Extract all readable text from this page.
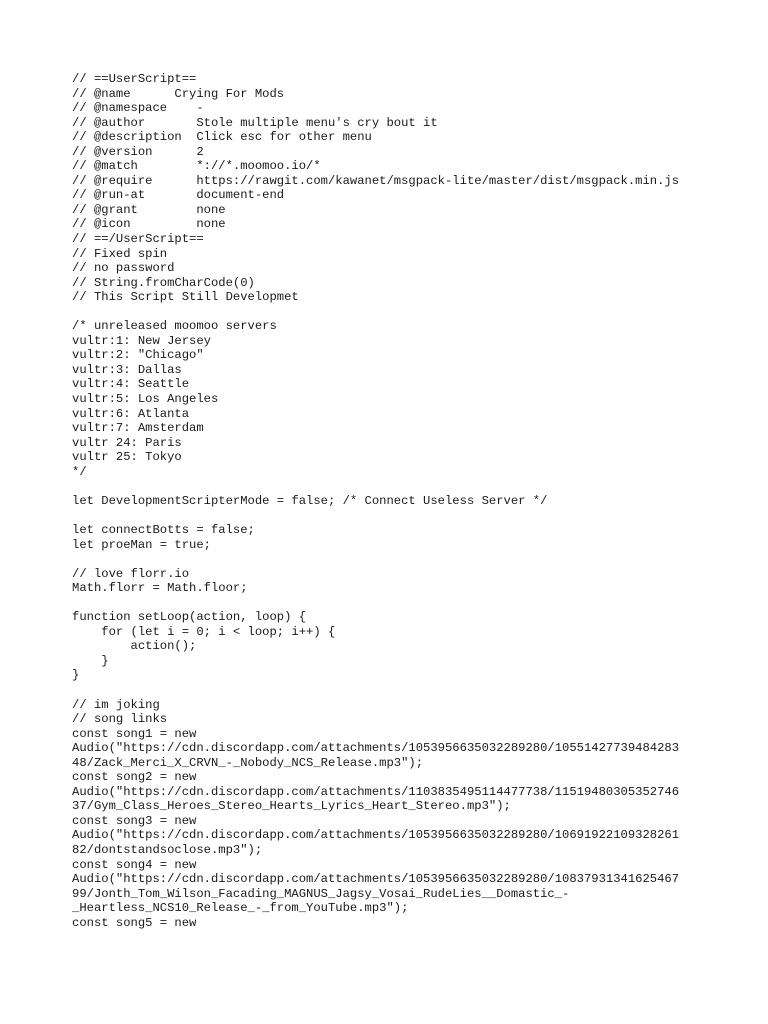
// ==UserScript==
// @name      Crying For Mods
// @namespace    -
// @author       Stole multiple menu's cry bout it
// @description  Click esc for other menu
// @version      2
// @match        *://*.moomoo.io/*
// @require      https://rawgit.com/kawanet/msgpack-lite/master/dist/msgpack.min.js
// @run-at       document-end
// @grant        none
// @icon         none
// ==/UserScript==
// Fixed spin
// no password
// String.fromCharCode(0)
// This Script Still Developmet
/* unreleased moomoo servers
vultr:1: New Jersey
vultr:2: "Chicago"
vultr:3: Dallas
vultr:4: Seattle
vultr:5: Los Angeles
vultr:6: Atlanta
vultr:7: Amsterdam
vultr 24: Paris
vultr 25: Tokyo
*/
let DevelopmentScripterMode = false; /* Connect Useless Server */
let connectBotts = false;
let proeMan = true;
// love florr.io
Math.florr = Math.floor;
function setLoop(action, loop) {
for (let i = 0; i < loop; i++) {
action();
}
}
// im joking
// song links
const song1 = new
Audio("https://cdn.discordapp.com/attachments/1053956635032289280/10551427739484283
48/Zack_Merci_X_CRVN_-_Nobody_NCS_Release.mp3");
const song2 = new
Audio("https://cdn.discordapp.com/attachments/1103835495114477738/11519480305352746
37/Gym_Class_Heroes_Stereo_Hearts_Lyrics_Heart_Stereo.mp3");
const song3 = new
Audio("https://cdn.discordapp.com/attachments/1053956635032289280/10691922109328261
82/dontstandsoclose.mp3");
const song4 = new
Audio("https://cdn.discordapp.com/attachments/1053956635032289280/10837931341625467
99/Jonth_Tom_Wilson_Facading_MAGNUS_Jagsy_Vosai_RudeLies__Domastic_-
_Heartless_NCS10_Release_-_from_YouTube.mp3");
const song5 = new
